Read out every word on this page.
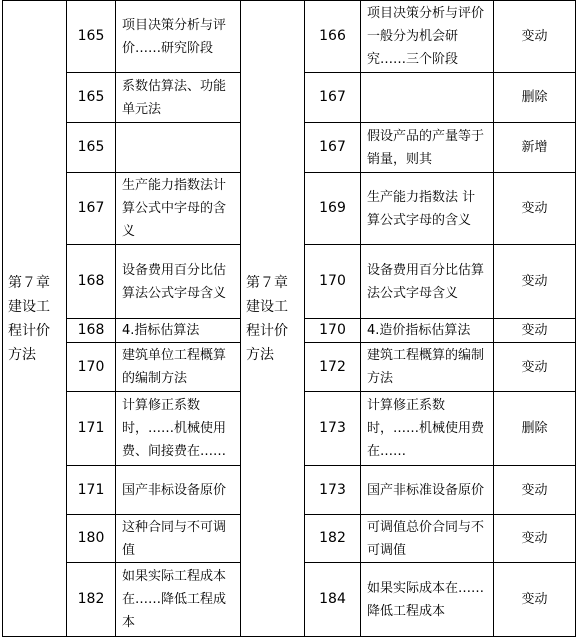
第７章建设工程计价方法	165	项目决策分析与评价……研究阶段	第７章建设工程计价方法	166	项目决策分析与评价一般分为机会研究……三个阶段	变动
	165	系数估算法、功能单元法		167		删除
	165			167	假设产品的产量等于销量，则其	新增
	167	生产能力指数法计算公式中字母的含义		169	生产能力指数法 计算公式字母的含义	变动
	168	设备费用百分比估算法公式字母含义		170	设备费用百分比估算法公式字母含义	变动
	168	4.指标估算法		170	4.造价指标估算法	变动
	170	建筑单位工程概算的编制方法		172	建筑工程概算的编制方法	变动
	171	计算修正系数时，……机械使用费、间接费在……		173	计算修正系数时，……机械使用费在……	删除
	171	国产非标设备原价		173	国产非标准设备原价	变动
	180	这种合同与不可调值		182	可调值总价合同与不可调值	变动
	182	如果实际工程成本在……降低工程成本		184	如果实际成本在……降低工程成本	变动
